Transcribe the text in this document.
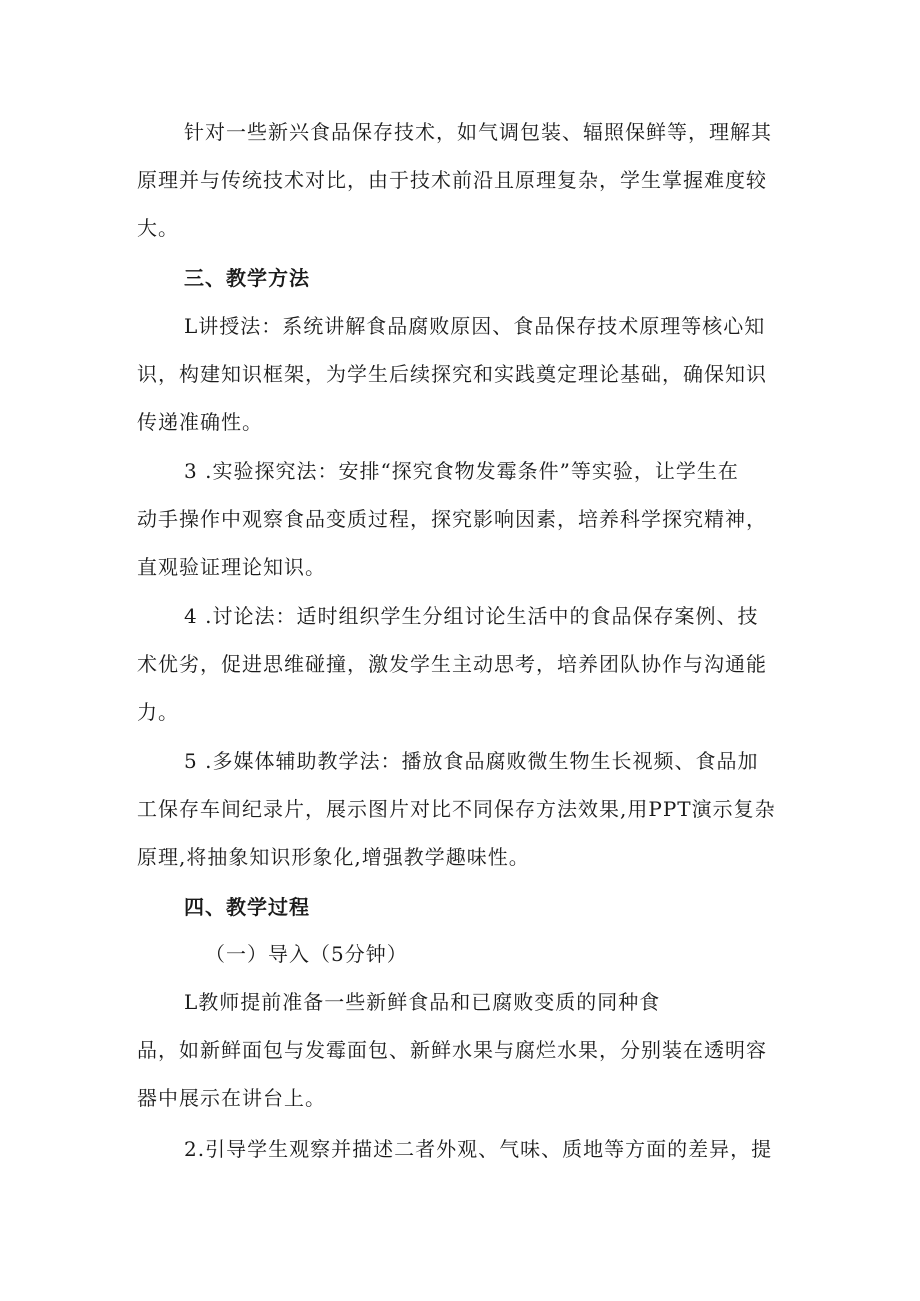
针对一些新兴食品保存技术，如气调包装、辐照保鲜等，理解其
原理并与传统技术对比，由于技术前沿且原理复杂，学生掌握难度较
大。
三、教学方法
L讲授法：系统讲解食品腐败原因、食品保存技术原理等核心知
识，构建知识框架，为学生后续探究和实践奠定理论基础，确保知识
传递准确性。
3 .实验探究法：安排“探究食物发霉条件”等实验，让学生在
动手操作中观察食品变质过程，探究影响因素，培养科学探究精神，
直观验证理论知识。
4 .讨论法：适时组织学生分组讨论生活中的食品保存案例、技
术优劣，促进思维碰撞，激发学生主动思考，培养团队协作与沟通能
力。
5 .多媒体辅助教学法：播放食品腐败微生物生长视频、食品加
工保存车间纪录片，展示图片对比不同保存方法效果,用PPT演示复杂
原理,将抽象知识形象化,增强教学趣味性。
四、教学过程
（一）导入（5分钟）
L教师提前准备一些新鲜食品和已腐败变质的同种食
品，如新鲜面包与发霉面包、新鲜水果与腐烂水果，分别装在透明容
器中展示在讲台上。
2.引导学生观察并描述二者外观、气味、质地等方面的差异，提
